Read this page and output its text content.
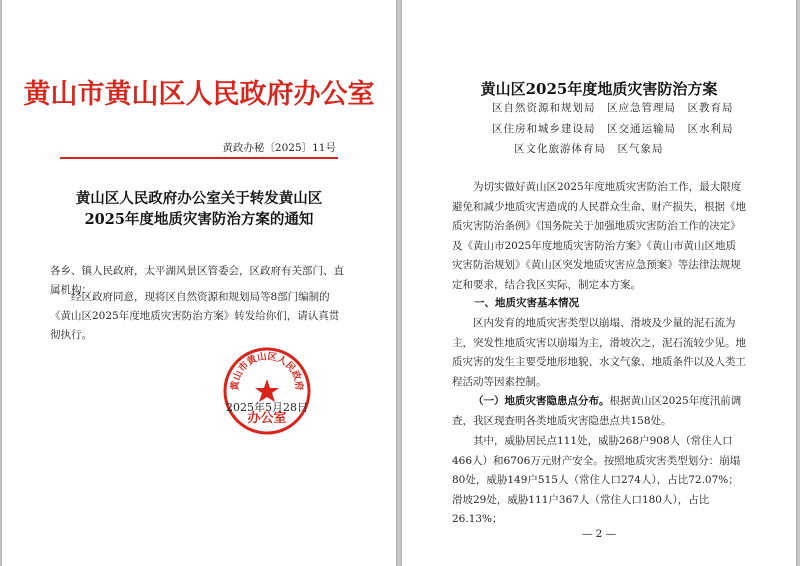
黄山市黄山区人民政府办公室
黄政办秘〔2025〕11号
黄山区人民政府办公室关于转发黄山区
2025年度地质灾害防治方案的通知
各乡、镇人民政府，太平湖风景区管委会，区政府有关部门、直属机构：
经区政府同意，现将区自然资源和规划局等8部门编制的《黄山区2025年度地质灾害防治方案》转发给你们，请认真贯彻执行。
黄山市黄山区人民政府
办公室
2025年5月28日
黄山区2025年度地质灾害防治方案
区自然资源和规划局　区应急管理局　区教育局
区住房和城乡建设局　区交通运输局　区水利局
区文化旅游体育局　区气象局
为切实做好黄山区2025年度地质灾害防治工作，最大限度避免和减少地质灾害造成的人民群众生命、财产损失，根据《地质灾害防治条例》《国务院关于加强地质灾害防治工作的决定》及《黄山市2025年度地质灾害防治方案》《黄山市黄山区地质灾害防治规划》《黄山区突发地质灾害应急预案》等法律法规规定和要求，结合我区实际，制定本方案。
一、地质灾害基本情况
区内发育的地质灾害类型以崩塌、滑坡及少量的泥石流为主，突发性地质灾害以崩塌为主，滑坡次之，泥石流较少见。地质灾害的发生主要受地形地貌、水文气象、地质条件以及人类工程活动等因素控制。
（一）地质灾害隐患点分布。根据黄山区2025年度汛前调查，我区现查明各类地质灾害隐患点共158处。
其中，威胁居民点111处，威胁268户908人（常住人口466人）和6706万元财产安全。按照地质灾害类型划分：崩塌80处，威胁149户515人（常住人口274人），占比72.07%；滑坡29处，威胁111户367人（常住人口180人），占比26.13%；
— 2 —
